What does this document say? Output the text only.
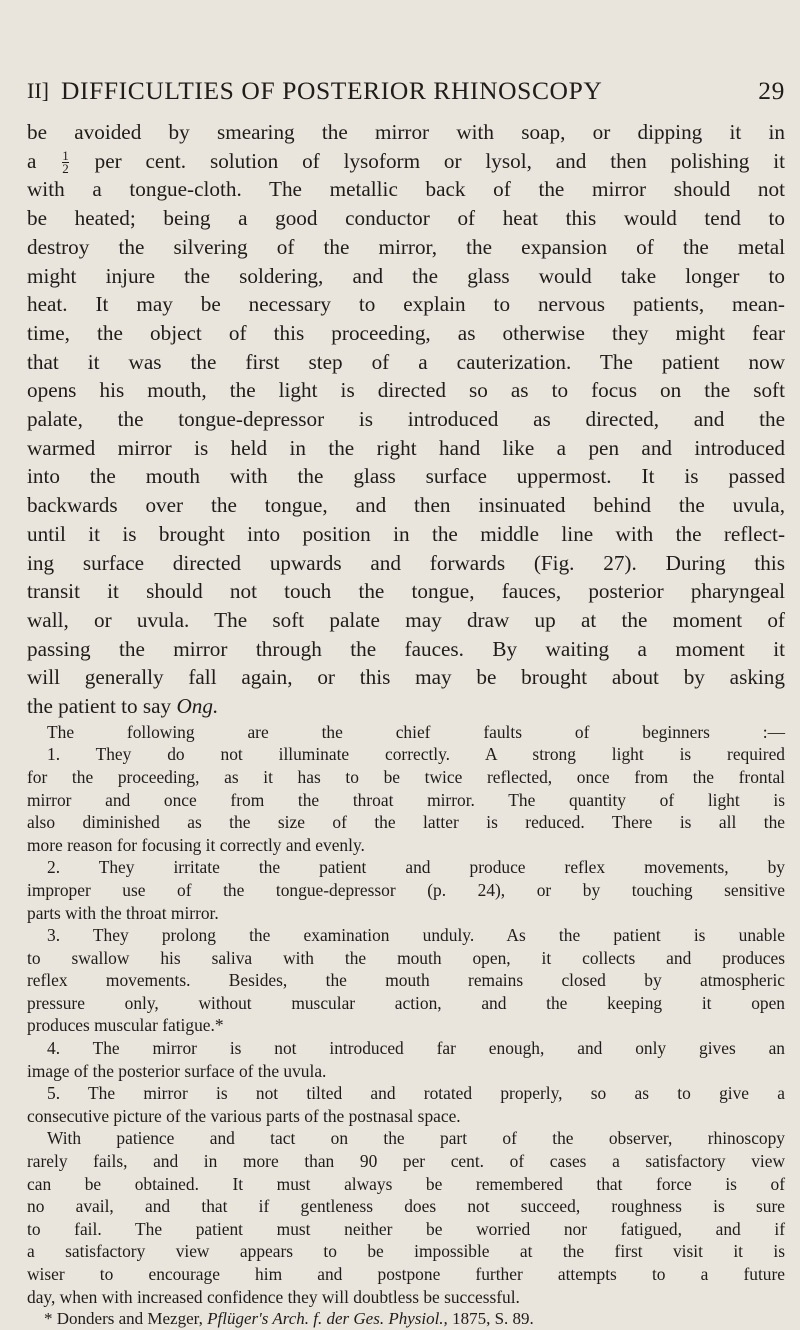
II] DIFFICULTIES OF POSTERIOR RHINOSCOPY	29
be avoided by smearing the mirror with soap, or dipping it in
a $\frac{1}{2}$ per cent. solution of lysoform or lysol, and then polishing it
with a tongue-cloth. The metallic back of the mirror should not
be heated; being a good conductor of heat this would tend to
destroy the silvering of the mirror, the expansion of the metal
might injure the soldering, and the glass would take longer to
heat. It may be necessary to explain to nervous patients, mean-
time, the object of this proceeding, as otherwise they might fear
that it was the first step of a cauterization. The patient now
opens his mouth, the light is directed so as to focus on the soft
palate, the tongue-depressor is introduced as directed, and the
warmed mirror is held in the right hand like a pen and introduced
into the mouth with the glass surface uppermost. It is passed
backwards over the tongue, and then insinuated behind the uvula,
until it is brought into position in the middle line with the reflect-
ing surface directed upwards and forwards (Fig. 27). During this
transit it should not touch the tongue, fauces, posterior pharyngeal
wall, or uvula. The soft palate may draw up at the moment of
passing the mirror through the fauces. By waiting a moment it
will generally fall again, or this may be brought about by asking
the patient to say Ong.
The following are the chief faults of beginners :—
1. They do not illuminate correctly. A strong light is required
for the proceeding, as it has to be twice reflected, once from the frontal
mirror and once from the throat mirror. The quantity of light is
also diminished as the size of the latter is reduced. There is all the
more reason for focusing it correctly and evenly.
2. They irritate the patient and produce reflex movements, by
improper use of the tongue-depressor (p. 24), or by touching sensitive
parts with the throat mirror.
3. They prolong the examination unduly. As the patient is unable
to swallow his saliva with the mouth open, it collects and produces
reflex movements. Besides, the mouth remains closed by atmospheric
pressure only, without muscular action, and the keeping it open
produces muscular fatigue.*
4. The mirror is not introduced far enough, and only gives an
image of the posterior surface of the uvula.
5. The mirror is not tilted and rotated properly, so as to give a
consecutive picture of the various parts of the postnasal space.
With patience and tact on the part of the observer, rhinoscopy
rarely fails, and in more than 90 per cent. of cases a satisfactory view
can be obtained. It must always be remembered that force is of
no avail, and that if gentleness does not succeed, roughness is sure
to fail. The patient must neither be worried nor fatigued, and if
a satisfactory view appears to be impossible at the first visit it is
wiser to encourage him and postpone further attempts to a future
day, when with increased confidence they will doubtless be successful.
* Donders and Mezger, Pflüger's Arch. f. der Ges. Physiol., 1875, S. 89.
